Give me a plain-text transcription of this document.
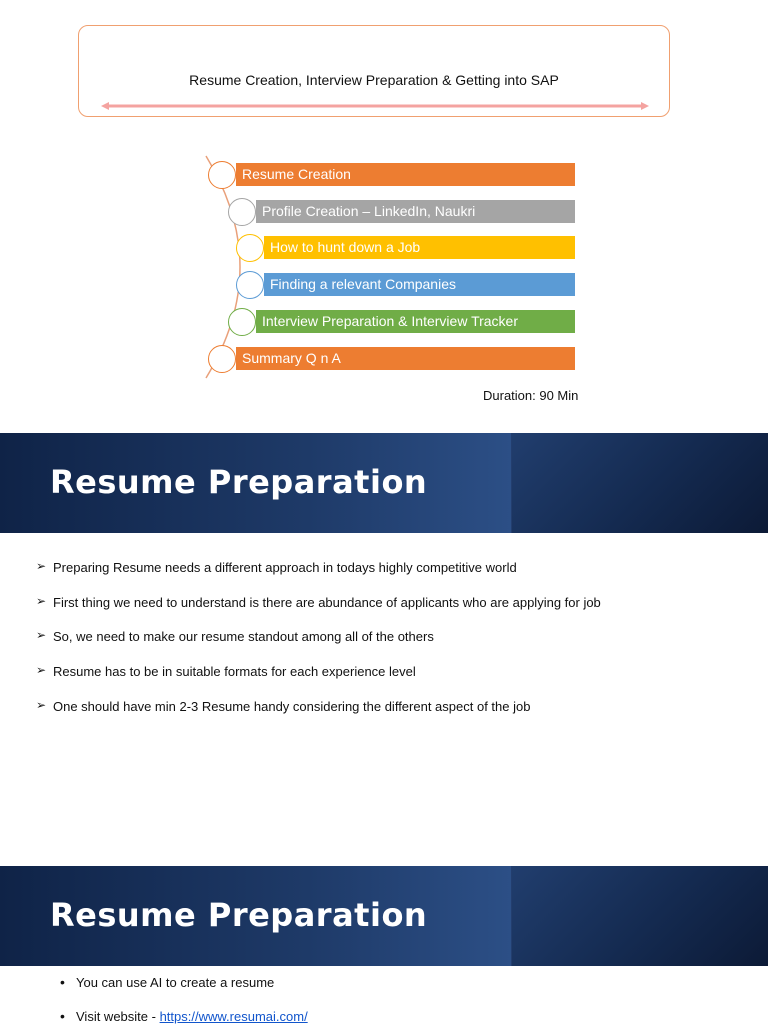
Resume Creation, Interview Preparation & Getting into SAP
Resume Creation
Profile Creation – LinkedIn, Naukri
How to hunt down a Job
Finding a relevant Companies
Interview Preparation & Interview Tracker
Summary Q n A
Duration: 90 Min
Resume Preparation
➢ Preparing Resume needs a different approach in todays highly competitive world
➢ First thing we need to understand is there are abundance of applicants who are applying for job
➢ So, we need to make our resume standout among all of the others
➢ Resume has to be in suitable formats for each experience level
➢ One should have min 2-3 Resume handy considering the different aspect of the job
Resume Preparation
• You can use AI to create a resume
• Visit website - https://www.resumai.com/
